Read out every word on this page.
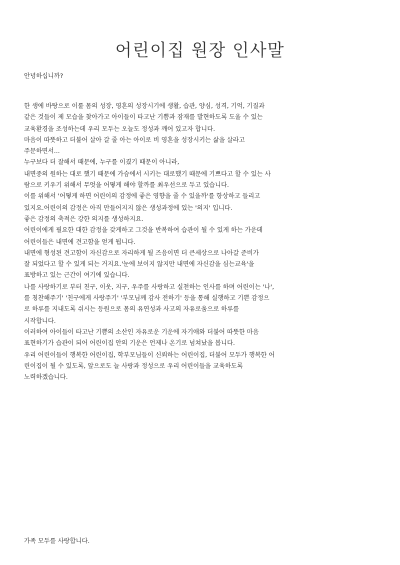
어린이집 원장 인사말
안녕하십니까?
한 생에 바탕으로 이룰 몸의 성장, 영혼의 성장시기에 생활, 습관, 양심, 성격, 기억, 기질과
같은 것들이 제 모습을 찾아가고 아이들이 타고난 기쁨과 잠재를 발현하도록 도울 수 있는
교육환경을 조성하는데 우리 모두는 오늘도 정성과 깨어 있고자 합니다.
마음이 따뜻하고 더불어 살아 갈 줄 아는 아이로 비 영혼을 성장시키는 삶을 살라고
주문하면서...
누구보다 더 잘해서 때문에, 누구를 이겼기 때문이 아니라,
내면중의 원하는 대로 했기 때문에 가슴에서 시키는 대로했기 때문에 기쁘다고 할 수 있는 사
람으로 키우기 위해서 무엇을 어떻게 해야 할까를 최우선으로 두고 있습니다.
이를 위해서 '어떻게 하면 어린이의 감정에 좋은 영향을 줄 수 있을까'를 항상하고 들리고
있지요.어린이의 감정은 아직 만들어지지 않은 생성과정에 있는 '의지' 입니다.
좋은 감정의 축적은 강한 의지를 생성하지요.
어린이에게 필요한 대한 감정을 갖게하고 그것을 반복하여 습관이 될 수 있게 하는 가운데
어린이들은 내면에 견고함을 얻게 됩니다.
내면에 형성된 견고함이 자신감으로 자리하게 될 즈음이면 더 큰세상으로 나아갈 준비가
잘 되었다고 할 수 있게 되는 거지요.'눈에 보이지 않지만 내면에 자신감을 심는교육'을
표방하고 있는 근간이 여기에 있습니다.
나를 사랑하기로 부터 친구, 이웃, 지구, 우주를 사랑하고 실천하는 인사를 하며 어린이는 '나',
를 칭찬해주기' '친구에게 사랑주기' '부모님께 감사 전하기' 등을 통해 실행하고 기쁜 감정으
로 하루를 지내도록 쉬시는 등원으로 몸의 유연성과 사고의 자유로움으로 하루를
시작합니다.
이러하여 아이들이 타고난 기쁨의 소산인 자유로운 기운에 자기애와 더불어 따뜻한 마음
표현하기가 습관이 되어 어린이집 안의 기운은 언제나 온기로 넘쳐났을 봅니다.
우리 어린이들이 행복한 어린이집, 학부모님들이 신뢰하는 어린이집, 더불어 모두가 행복한 어
린이집이 될 수 있도록, 앞으로도 늘 사랑과 정성으로 우리 어린이들을 교육하도록
노력하겠습니다.
가족 모두를 사랑합니다.
